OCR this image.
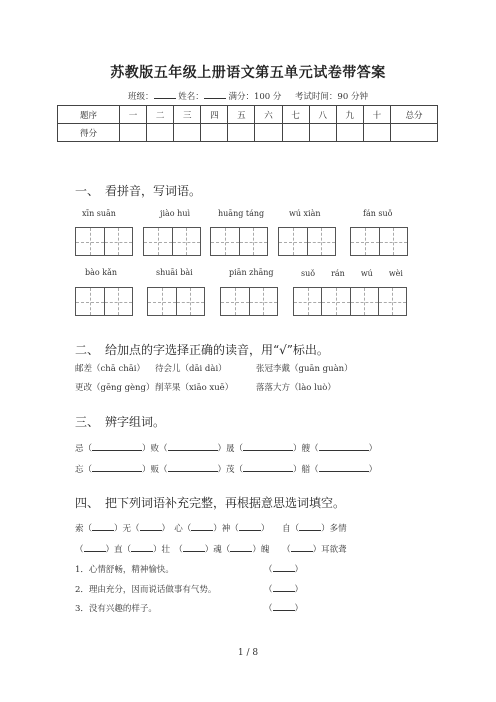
苏教版五年级上册语文第五单元试卷带答案
班级：	姓名：	满分：100 分 考试时间：90 分钟
题序	一	二	三	四	五	六	七	八	九	十	总分
得分											
一、　看拼音，写词语。
xīn suān	jiào huì	huāng táng	wú xiàn	fán suǒ
bào kǎn	shuāi bài	piān zhāng	suǒ　　rán　　wú　　wèi
二、　给加点的字选择正确的读音，用“√”标出。
邮差（chā chāi） 待会儿（dāi dài）	张冠李戴（guān guàn）
更改（gēng gèng）削苹果（xiāo xuē）	落落大方（lào luò）
三、　辨字组词。
忌（	）败（	）晟（	）艘（	）
忘（	）贩（	）茂（	）艏（	）
四、　把下列词语补充完整，再根据意思选词填空。
索（	）无（	）　心（	）神（	）　　自（	）多情
（	）直（	）壮　（	）魂（	）魄　　（	）耳欲聋
1．心情舒畅，精神愉快。	（	）
2．理由充分，因而说话做事有气势。	（	）
3．没有兴趣的样子。	（	）
1 / 8
